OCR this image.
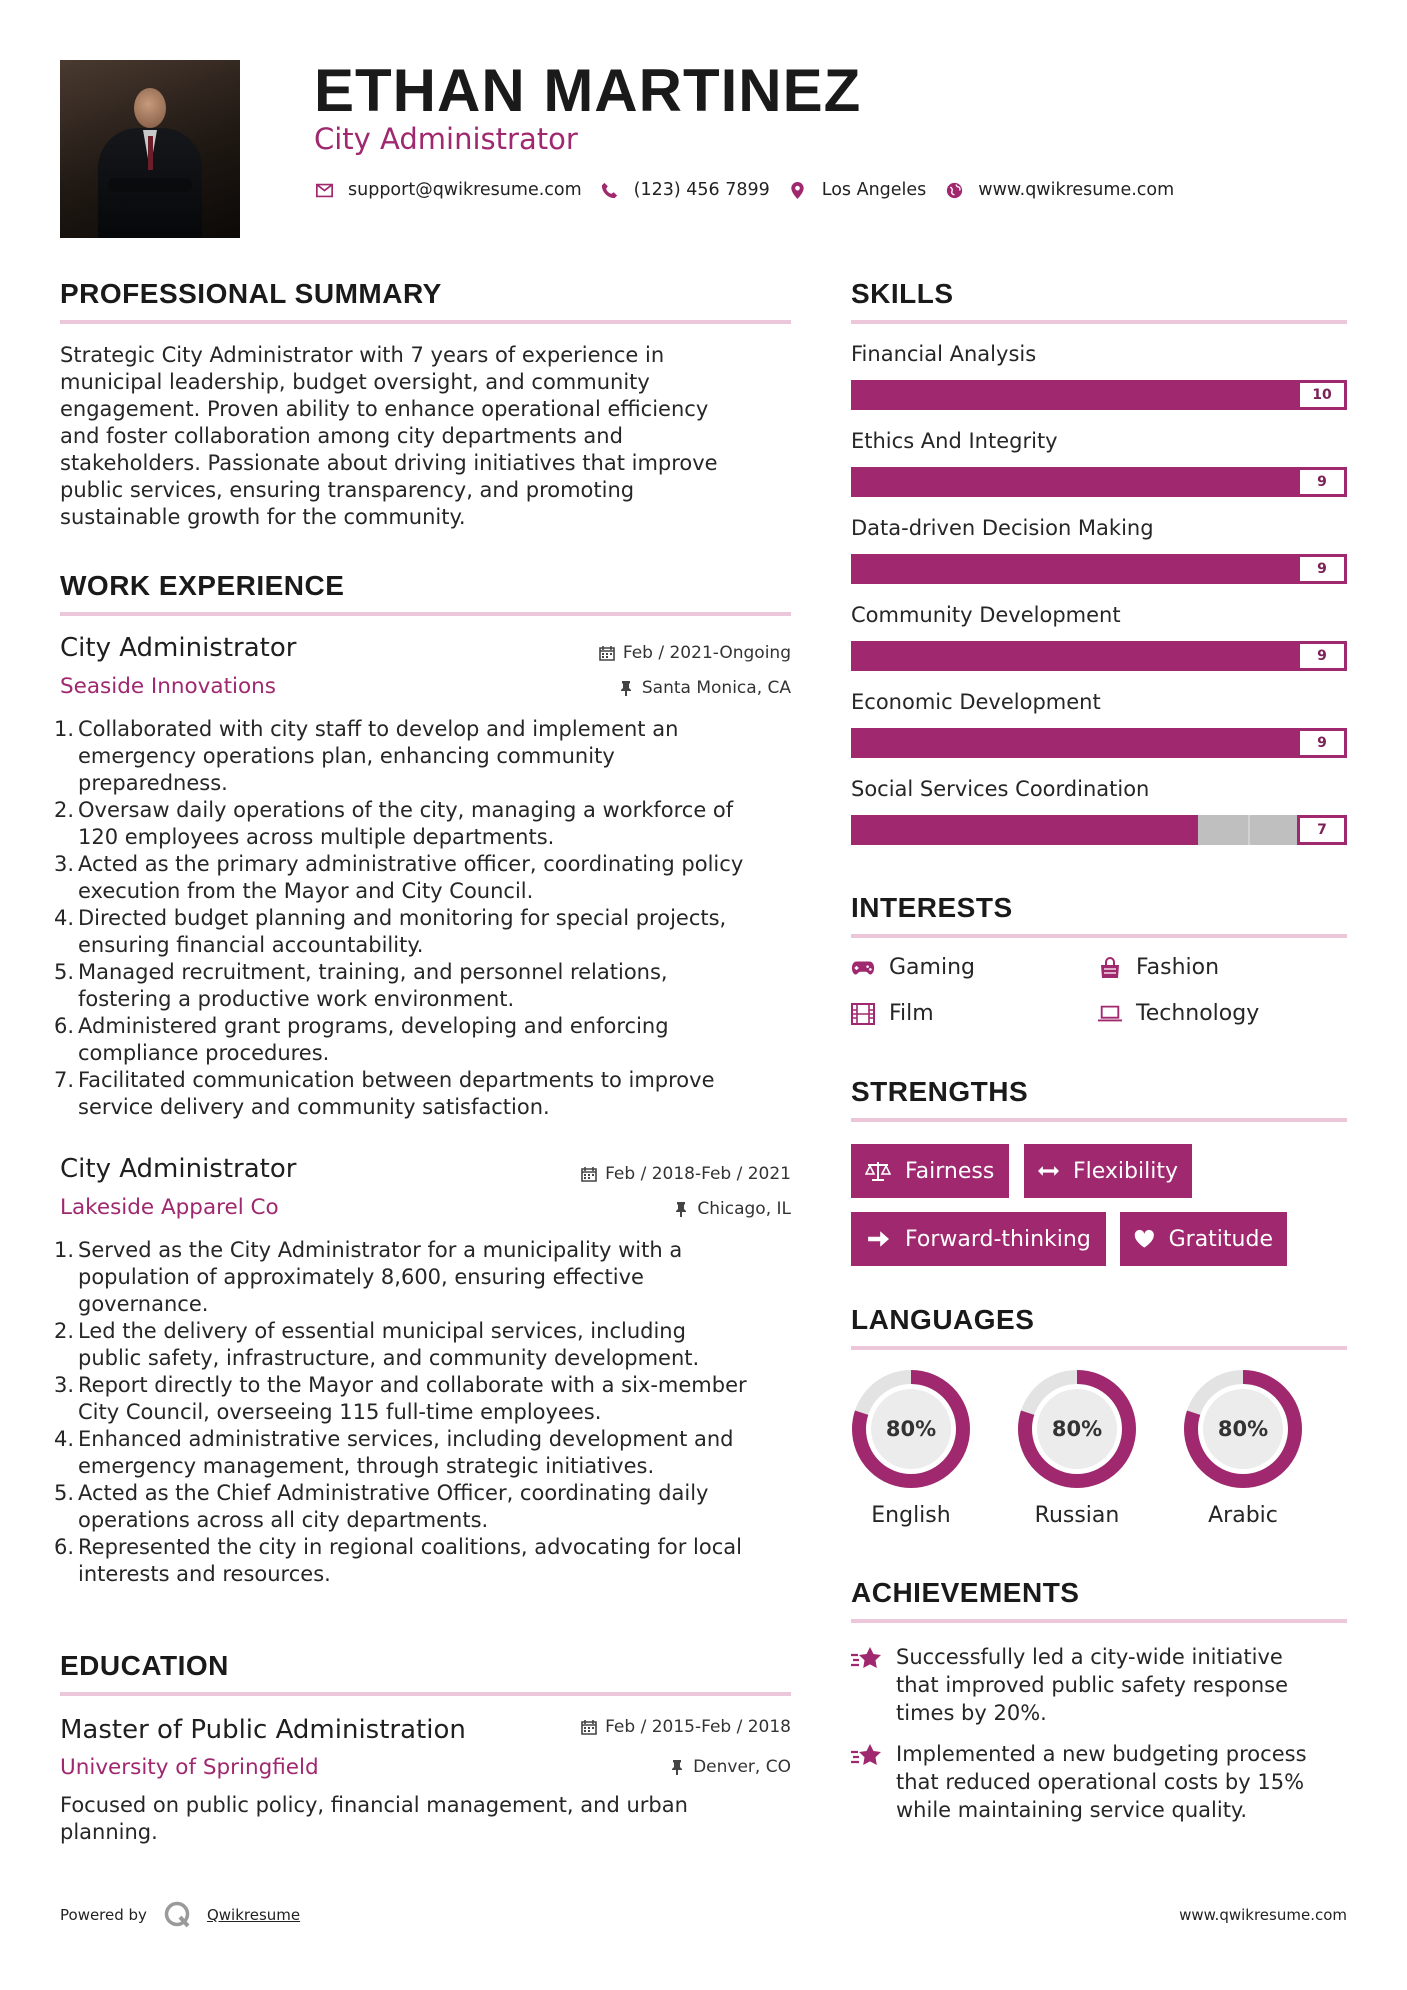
ETHAN MARTINEZ
City Administrator
support@qwikresume.com	(123) 456 7899	Los Angeles	www.qwikresume.com
PROFESSIONAL SUMMARY
Strategic City Administrator with 7 years of experience in
municipal leadership, budget oversight, and community
engagement. Proven ability to enhance operational efficiency
and foster collaboration among city departments and
stakeholders. Passionate about driving initiatives that improve
public services, ensuring transparency, and promoting
sustainable growth for the community.
WORK EXPERIENCE
City Administrator	Feb / 2021-Ongoing
Seaside Innovations	Santa Monica, CA
1. Collaborated with city staff to develop and implement an
emergency operations plan, enhancing community
preparedness.
2. Oversaw daily operations of the city, managing a workforce of
120 employees across multiple departments.
3. Acted as the primary administrative officer, coordinating policy
execution from the Mayor and City Council.
4. Directed budget planning and monitoring for special projects,
ensuring financial accountability.
5. Managed recruitment, training, and personnel relations,
fostering a productive work environment.
6. Administered grant programs, developing and enforcing
compliance procedures.
7. Facilitated communication between departments to improve
service delivery and community satisfaction.
City Administrator	Feb / 2018-Feb / 2021
Lakeside Apparel Co	Chicago, IL
1. Served as the City Administrator for a municipality with a
population of approximately 8,600, ensuring effective
governance.
2. Led the delivery of essential municipal services, including
public safety, infrastructure, and community development.
3. Report directly to the Mayor and collaborate with a six-member
City Council, overseeing 115 full-time employees.
4. Enhanced administrative services, including development and
emergency management, through strategic initiatives.
5. Acted as the Chief Administrative Officer, coordinating daily
operations across all city departments.
6. Represented the city in regional coalitions, advocating for local
interests and resources.
EDUCATION
Master of Public Administration	Feb / 2015-Feb / 2018
University of Springfield	Denver, CO
Focused on public policy, financial management, and urban
planning.
SKILLS
Financial Analysis
10
Ethics And Integrity
9
Data-driven Decision Making
9
Community Development
9
Economic Development
9
Social Services Coordination
7
INTERESTS
Gaming	Fashion
Film	Technology
STRENGTHS
Fairness	Flexibility
Forward-thinking	Gratitude
LANGUAGES
80%
English
80%
Russian
80%
Arabic
ACHIEVEMENTS
Successfully led a city-wide initiative
that improved public safety response
times by 20%.
Implemented a new budgeting process
that reduced operational costs by 15%
while maintaining service quality.
Powered by	Qwikresume	www.qwikresume.com
